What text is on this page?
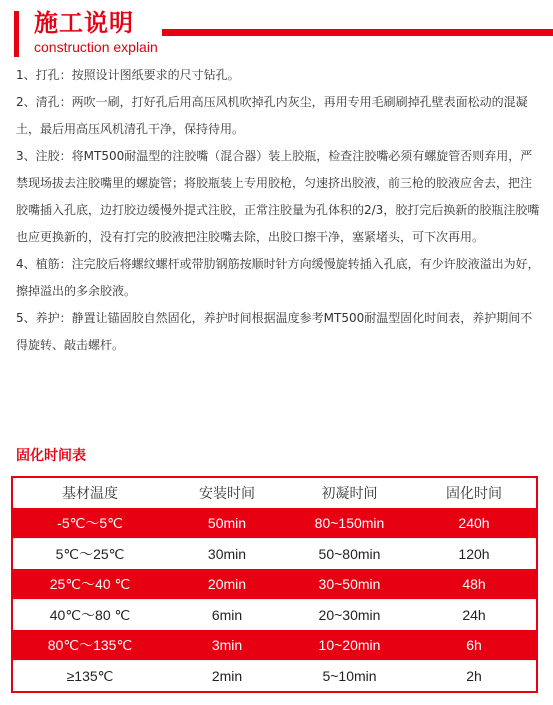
施工说明
construction explain

1、打孔：按照设计图纸要求的尺寸钻孔。

2、清孔：两吹一刷，打好孔后用高压风机吹掉孔内灰尘，再用专用毛刷刷掉孔壁表面松动的混凝土，最后用高压风机清孔干净，保持待用。

3、注胶：将MT500耐温型的注胶嘴（混合器）装上胶瓶，检查注胶嘴必须有螺旋管否则弃用，严禁现场拔去注胶嘴里的螺旋管；将胶瓶装上专用胶枪，匀速挤出胶液，前三枪的胶液应舍去，把注胶嘴插入孔底，边打胶边缓慢外提式注胶，正常注胶量为孔体积的2/3，胶打完后换新的胶瓶注胶嘴也应更换新的，没有打完的胶液把注胶嘴去除，出胶口擦干净，塞紧堵头，可下次再用。

4、植筋：注完胶后将螺纹螺杆或带肋钢筋按顺时针方向缓慢旋转插入孔底，有少许胶液溢出为好，擦掉溢出的多余胶液。

5、养护：静置让锚固胶自然固化，养护时间根据温度参考MT500耐温型固化时间表，养护期间不得旋转、敲击螺杆。

固化时间表
基材温度	安装时间	初凝时间	固化时间
-5℃～5℃	50min	80~150min	240h
5℃～25℃	30min	50~80min	120h
25℃～40 ℃	20min	30~50min	48h
40℃～80 ℃	6min	20~30min	24h
80℃～135℃	3min	10~20min	6h
≥135℃	2min	5~10min	2h
